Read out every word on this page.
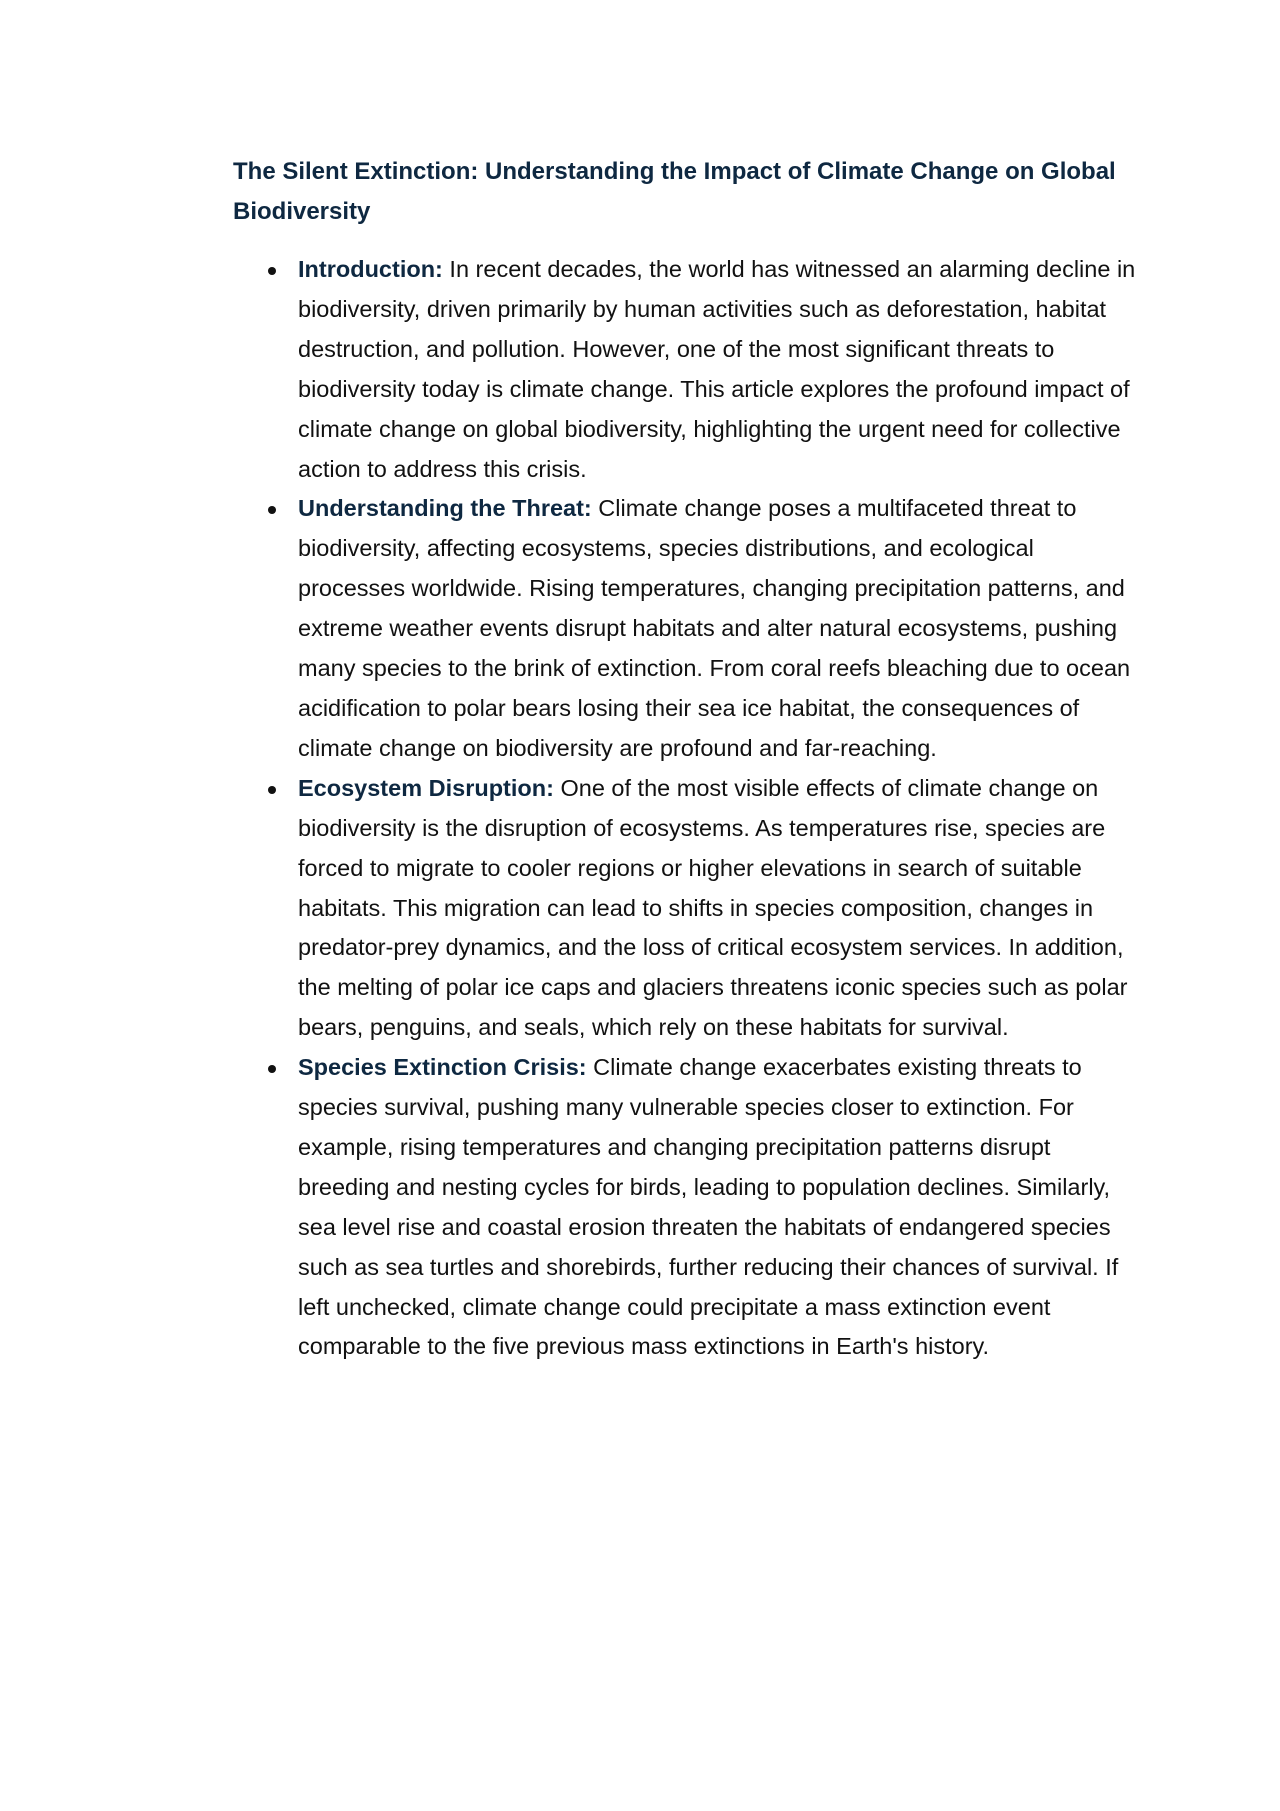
The Silent Extinction: Understanding the Impact of Climate Change on Global Biodiversity
Introduction: In recent decades, the world has witnessed an alarming decline in biodiversity, driven primarily by human activities such as deforestation, habitat destruction, and pollution. However, one of the most significant threats to biodiversity today is climate change. This article explores the profound impact of climate change on global biodiversity, highlighting the urgent need for collective action to address this crisis.
Understanding the Threat: Climate change poses a multifaceted threat to biodiversity, affecting ecosystems, species distributions, and ecological processes worldwide. Rising temperatures, changing precipitation patterns, and extreme weather events disrupt habitats and alter natural ecosystems, pushing many species to the brink of extinction. From coral reefs bleaching due to ocean acidification to polar bears losing their sea ice habitat, the consequences of climate change on biodiversity are profound and far-reaching.
Ecosystem Disruption: One of the most visible effects of climate change on biodiversity is the disruption of ecosystems. As temperatures rise, species are forced to migrate to cooler regions or higher elevations in search of suitable habitats. This migration can lead to shifts in species composition, changes in predator-prey dynamics, and the loss of critical ecosystem services. In addition, the melting of polar ice caps and glaciers threatens iconic species such as polar bears, penguins, and seals, which rely on these habitats for survival.
Species Extinction Crisis: Climate change exacerbates existing threats to species survival, pushing many vulnerable species closer to extinction. For example, rising temperatures and changing precipitation patterns disrupt breeding and nesting cycles for birds, leading to population declines. Similarly, sea level rise and coastal erosion threaten the habitats of endangered species such as sea turtles and shorebirds, further reducing their chances of survival. If left unchecked, climate change could precipitate a mass extinction event comparable to the five previous mass extinctions in Earth's history.
